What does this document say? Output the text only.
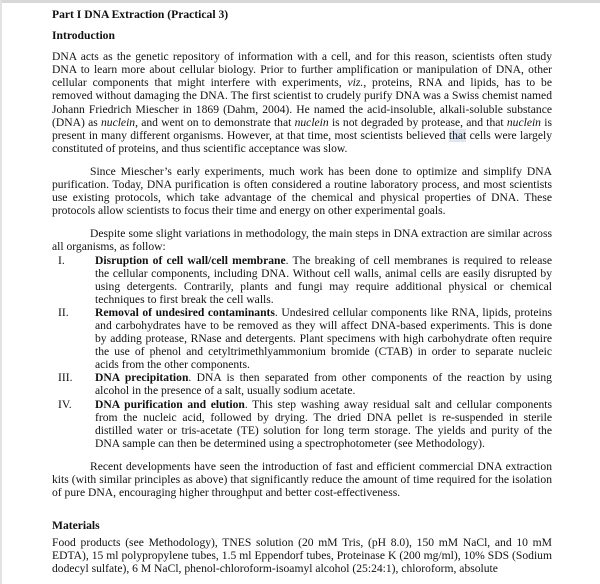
Part I DNA Extraction (Practical 3)
Introduction

DNA acts as the genetic repository of information with a cell, and for this reason, scientists often study DNA to learn more about cellular biology. Prior to further amplification or manipulation of DNA, other cellular components that might interfere with experiments, viz., proteins, RNA and lipids, has to be removed without damaging the DNA. The first scientist to crudely purify DNA was a Swiss chemist named Johann Friedrich Miescher in 1869 (Dahm, 2004). He named the acid-insoluble, alkali-soluble substance (DNA) as nuclein, and went on to demonstrate that nuclein is not degraded by protease, and that nuclein is present in many different organisms. However, at that time, most scientists believed that cells were largely constituted of proteins, and thus scientific acceptance was slow.

Since Miescher’s early experiments, much work has been done to optimize and simplify DNA purification. Today, DNA purification is often considered a routine laboratory process, and most scientists use existing protocols, which take advantage of the chemical and physical properties of DNA. These protocols allow scientists to focus their time and energy on other experimental goals.

Despite some slight variations in methodology, the main steps in DNA extraction are similar across all organisms, as follow:

I.	Disruption of cell wall/cell membrane. The breaking of cell membranes is required to release the cellular components, including DNA. Without cell walls, animal cells are easily disrupted by using detergents. Contrarily, plants and fungi may require additional physical or chemical techniques to first break the cell walls.
II. Removal of undesired contaminants. Undesired cellular components like RNA, lipids, proteins and carbohydrates have to be removed as they will affect DNA-based experiments. This is done by adding protease, RNase and detergents. Plant specimens with high carbohydrate often require the use of phenol and cetyltrimethlyammonium bromide (CTAB) in order to separate nucleic acids from the other components.
III. DNA precipitation. DNA is then separated from other components of the reaction by using alcohol in the presence of a salt, usually sodium acetate.
IV. DNA purification and elution. This step washing away residual salt and cellular components from the nucleic acid, followed by drying. The dried DNA pellet is re-suspended in sterile distilled water or tris-acetate (TE) solution for long term storage. The yields and purity of the DNA sample can then be determined using a spectrophotometer (see Methodology).

Recent developments have seen the introduction of fast and efficient commercial DNA extraction kits (with similar principles as above) that significantly reduce the amount of time required for the isolation of pure DNA, encouraging higher throughput and better cost-effectiveness.

Materials

Food products (see Methodology), TNES solution (20 mM Tris, (pH 8.0), 150 mM NaCl, and 10 mM EDTA), 15 ml polypropylene tubes, 1.5 ml Eppendorf tubes, Proteinase K (200 mg/ml), 10% SDS (Sodium dodecyl sulfate), 6 M NaCl, phenol-chloroform-isoamyl alcohol (25:24:1), chloroform, absolute
